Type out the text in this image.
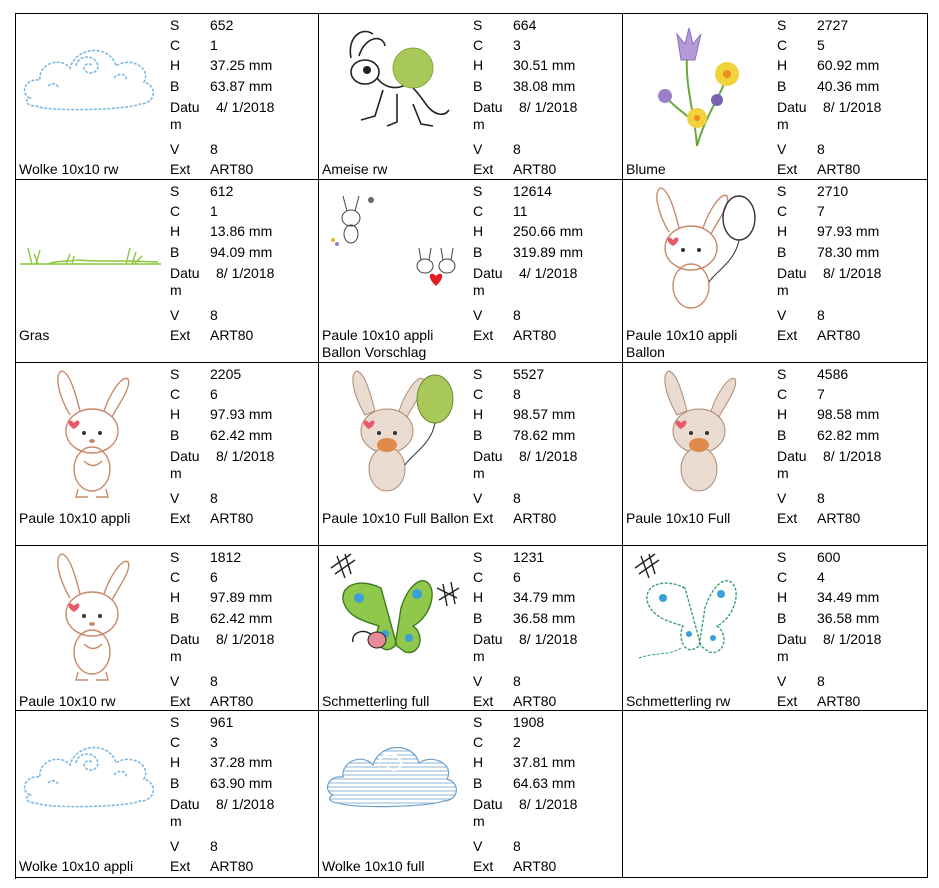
S 652
C 1
H 37.25 mm
B 63.87 mm
Datu m
4/ 1/2018
V 8
Ext ART80
Wolke 10x10 rw
S 664
C 3
H 30.51 mm
B 38.08 mm
Datu m
8/ 1/2018
V 8
Ext ART80
Ameise rw
S 2727
C 5
H 60.92 mm
B 40.36 mm
Datu m
8/ 1/2018
V 8
Ext ART80
Blume
S 612
C 1
H 13.86 mm
B 94.09 mm
Datu m
8/ 1/2018
V 8
Ext ART80
Gras
S 12614
C 11
H 250.66 mm
B 319.89 mm
Datu m
4/ 1/2018
V 8
Ext ART80
Paule 10x10 appli Ballon Vorschlag
S 2710
C 7
H 97.93 mm
B 78.30 mm
Datu m
8/ 1/2018
V 8
Ext ART80
Paule 10x10 appli Ballon
S 2205
C 6
H 97.93 mm
B 62.42 mm
Datu m
8/ 1/2018
V 8
Ext ART80
Paule 10x10 appli
S 5527
C 8
H 98.57 mm
B 78.62 mm
Datu m
8/ 1/2018
V 8
Ext ART80
Paule 10x10 Full Ballon
S 4586
C 7
H 98.58 mm
B 62.82 mm
Datu m
8/ 1/2018
V 8
Ext ART80
Paule 10x10 Full
S 1812
C 6
H 97.89 mm
B 62.42 mm
Datu m
8/ 1/2018
V 8
Ext ART80
Paule 10x10 rw
S 1231
C 6
H 34.79 mm
B 36.58 mm
Datu m
8/ 1/2018
V 8
Ext ART80
Schmetterling full
S 600
C 4
H 34.49 mm
B 36.58 mm
Datu m
8/ 1/2018
V 8
Ext ART80
Schmetterling rw
S 961
C 3
H 37.28 mm
B 63.90 mm
Datu m
8/ 1/2018
V 8
Ext ART80
Wolke 10x10 appli
S 1908
C 2
H 37.81 mm
B 64.63 mm
Datu m
8/ 1/2018
V 8
Ext ART80
Wolke 10x10 full
